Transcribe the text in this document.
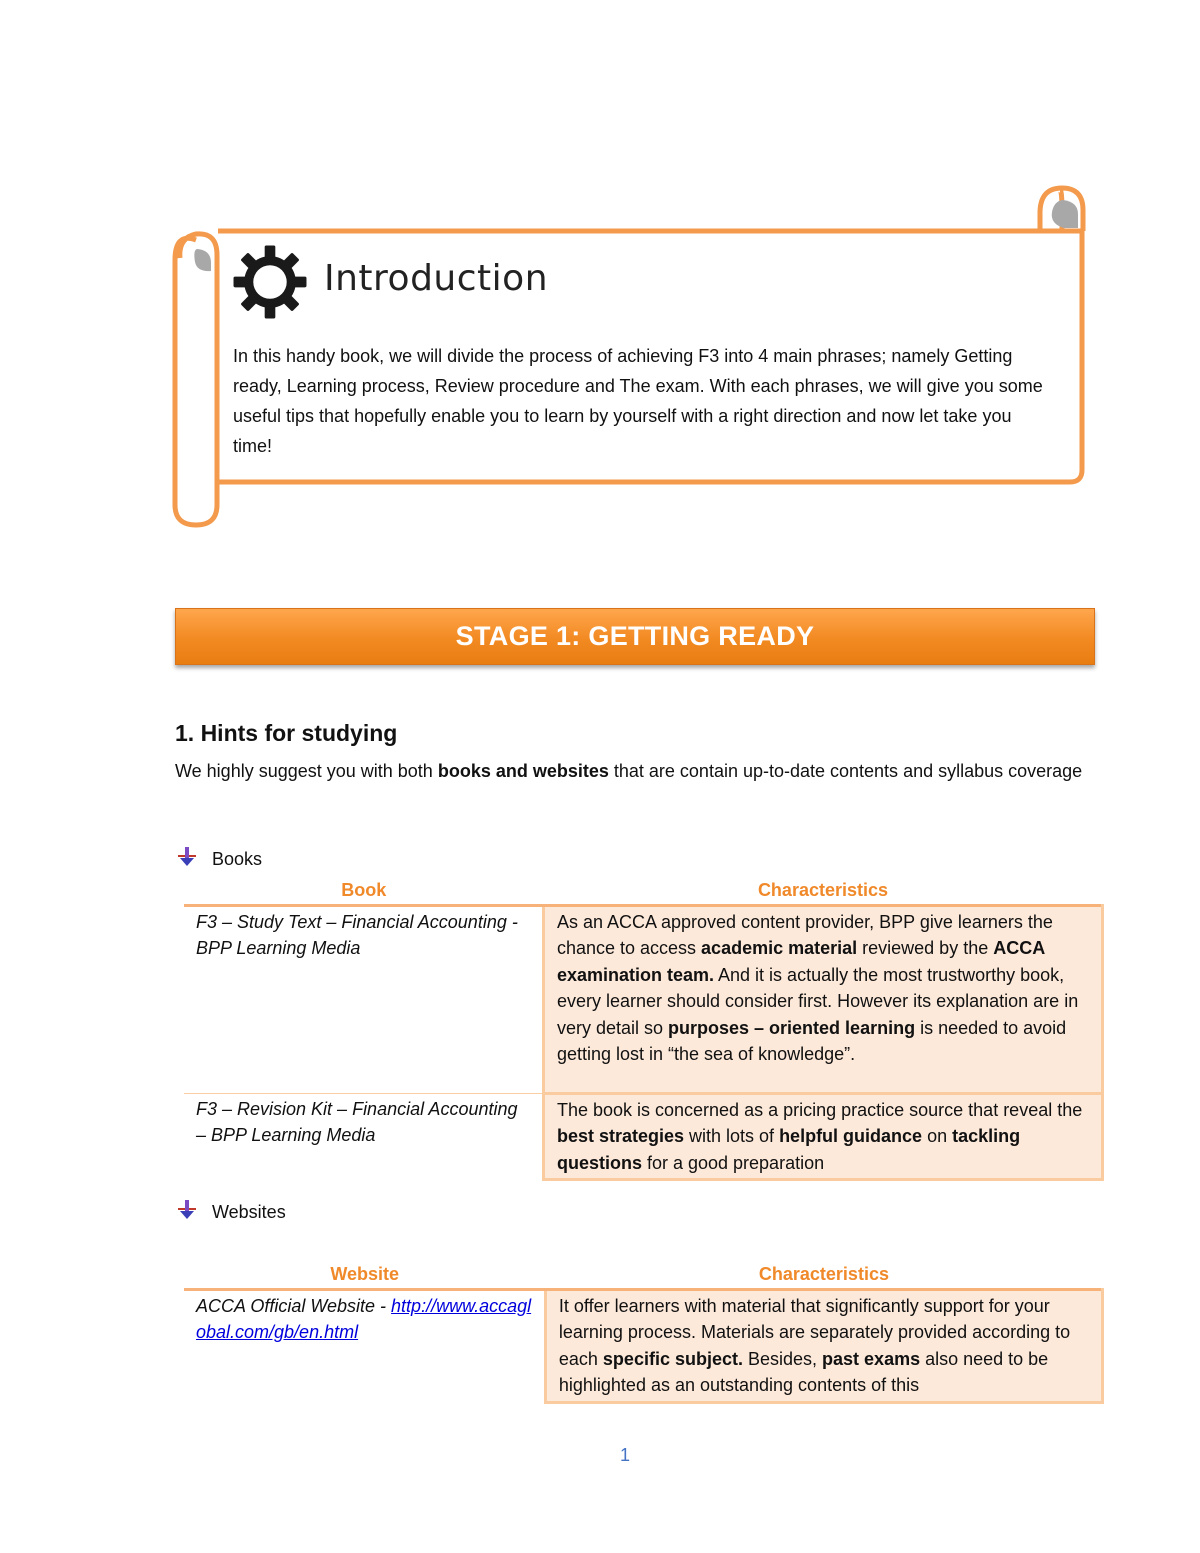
Introduction
In this handy book, we will divide the process of achieving F3 into 4 main phrases; namely Getting ready, Learning process, Review procedure and The exam. With each phrases, we will give you some useful tips that hopefully enable you to learn by yourself with a right direction and now let take you time!
STAGE 1: GETTING READY
1. Hints for studying
We highly suggest you with both books and websites that are contain up-to-date contents and syllabus coverage
Books
Book	Characteristics
F3 – Study Text – Financial Accounting - BPP Learning Media	As an ACCA approved content provider, BPP give learners the chance to access academic material reviewed by the ACCA examination team. And it is actually the most trustworthy book, every learner should consider first. However its explanation are in very detail so purposes – oriented learning is needed to avoid getting lost in “the sea of knowledge”.
F3 – Revision Kit – Financial Accounting – BPP Learning Media	The book is concerned as a pricing practice source that reveal the best strategies with lots of helpful guidance on tackling questions for a good preparation
Websites
Website	Characteristics
ACCA Official Website - http://www.accaglobal.com/gb/en.html	It offer learners with material that significantly support for your learning process. Materials are separately provided according to each specific subject. Besides, past exams also need to be highlighted as an outstanding contents of this
1
